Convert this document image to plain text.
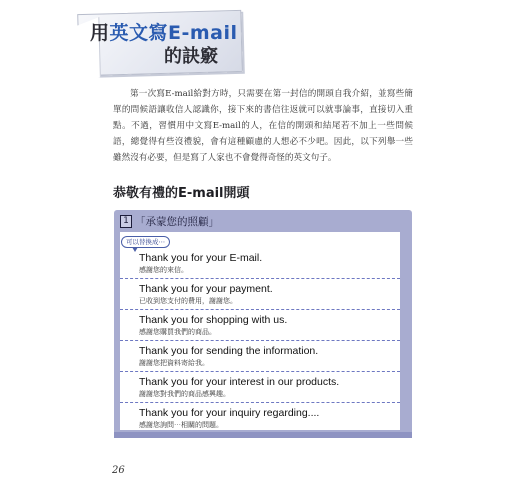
用英文寫E-mail
的訣竅

第一次寫E-mail給對方時，只需要在第一封信的開頭自我介紹，並寫些簡單的問候語讓收信人認識你，接下來的書信往返就可以就事論事，直接切入重點。不過，習慣用中文寫E-mail的人，在信的開頭和結尾若不加上一些問候語，總覺得有些沒禮貌，會有這種顧慮的人想必不少吧。因此，以下列舉一些雖然沒有必要，但是寫了人家也不會覺得奇怪的英文句子。

恭敬有禮的E-mail開頭
1 「承蒙您的照顧」
可以替換成⋯
Thank you for your E-mail.
感謝您的來信。
Thank you for your payment.
已收到您支付的費用，謝謝您。
Thank you for shopping with us.
感謝您購買我們的商品。
Thank you for sending the information.
謝謝您把資料寄給我。
Thank you for your interest in our products.
謝謝您對我們的商品感興趣。
Thank you for your inquiry regarding....
感謝您詢問⋯相關的問題。
26
